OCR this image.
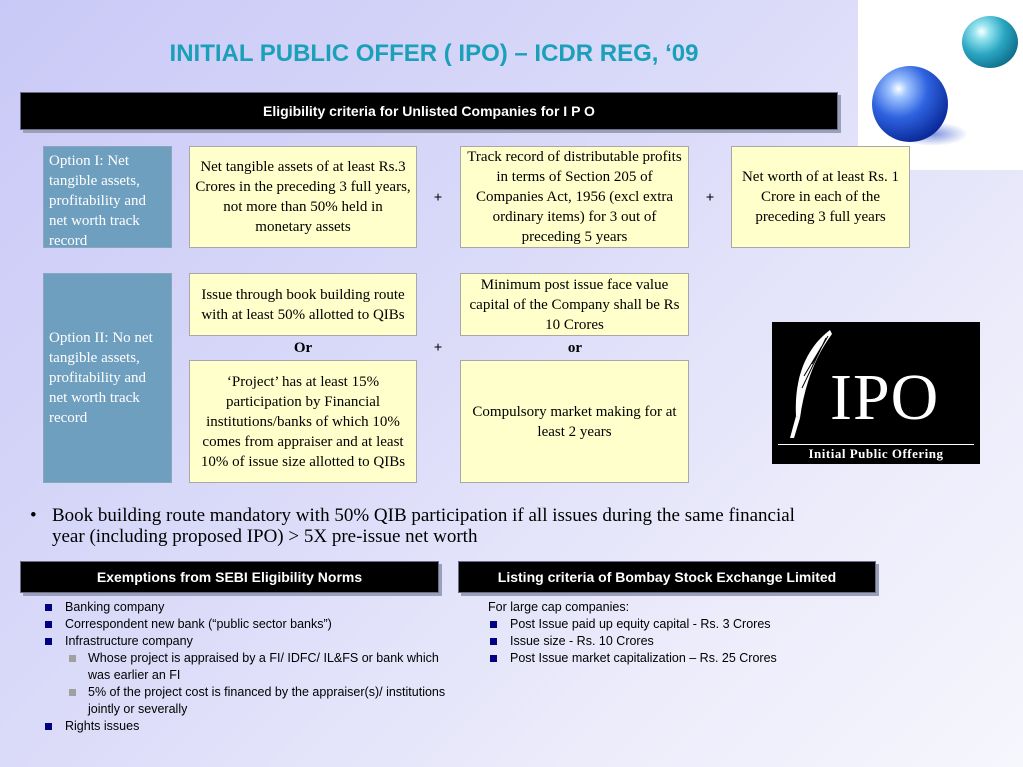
INITIAL PUBLIC OFFER ( IPO) – ICDR REG, ‘09
Eligibility criteria for Unlisted Companies for I P O
Option I: Net tangible assets, profitability and net worth track record
Net tangible assets of at least Rs.3 Crores in the preceding 3 full years, not more than 50% held in monetary assets
+
Track record of distributable profits in terms of Section 205 of Companies Act, 1956 (excl extra ordinary items) for 3 out of preceding 5 years
+
Net worth of at least Rs. 1 Crore in each of the preceding 3 full years
Option II: No net tangible assets, profitability and net worth track record
Issue through book building route with at least 50% allotted to QIBs
Minimum post issue face value capital of the Company shall be Rs 10 Crores
Or	+	or
‘Project’ has at least 15% participation by Financial institutions/banks of which 10% comes from appraiser and at least 10% of issue size allotted to QIBs
Compulsory market making for at least 2 years	IPO
Initial Public Offering
• Book building route mandatory with 50% QIB participation if all issues during the same financial year (including proposed IPO) > 5X pre-issue net worth
Exemptions from SEBI Eligibility Norms	Listing criteria of Bombay Stock Exchange Limited
Banking company
Correspondent new bank (“public sector banks”)
Infrastructure company
Whose project is appraised by a FI/ IDFC/ IL&FS or bank which was earlier an FI
5% of the project cost is financed by the appraiser(s)/ institutions jointly or severally
Rights issues
For large cap companies:
Post Issue paid up equity capital - Rs. 3 Crores
Issue size - Rs. 10 Crores
Post Issue market capitalization – Rs. 25 Crores
